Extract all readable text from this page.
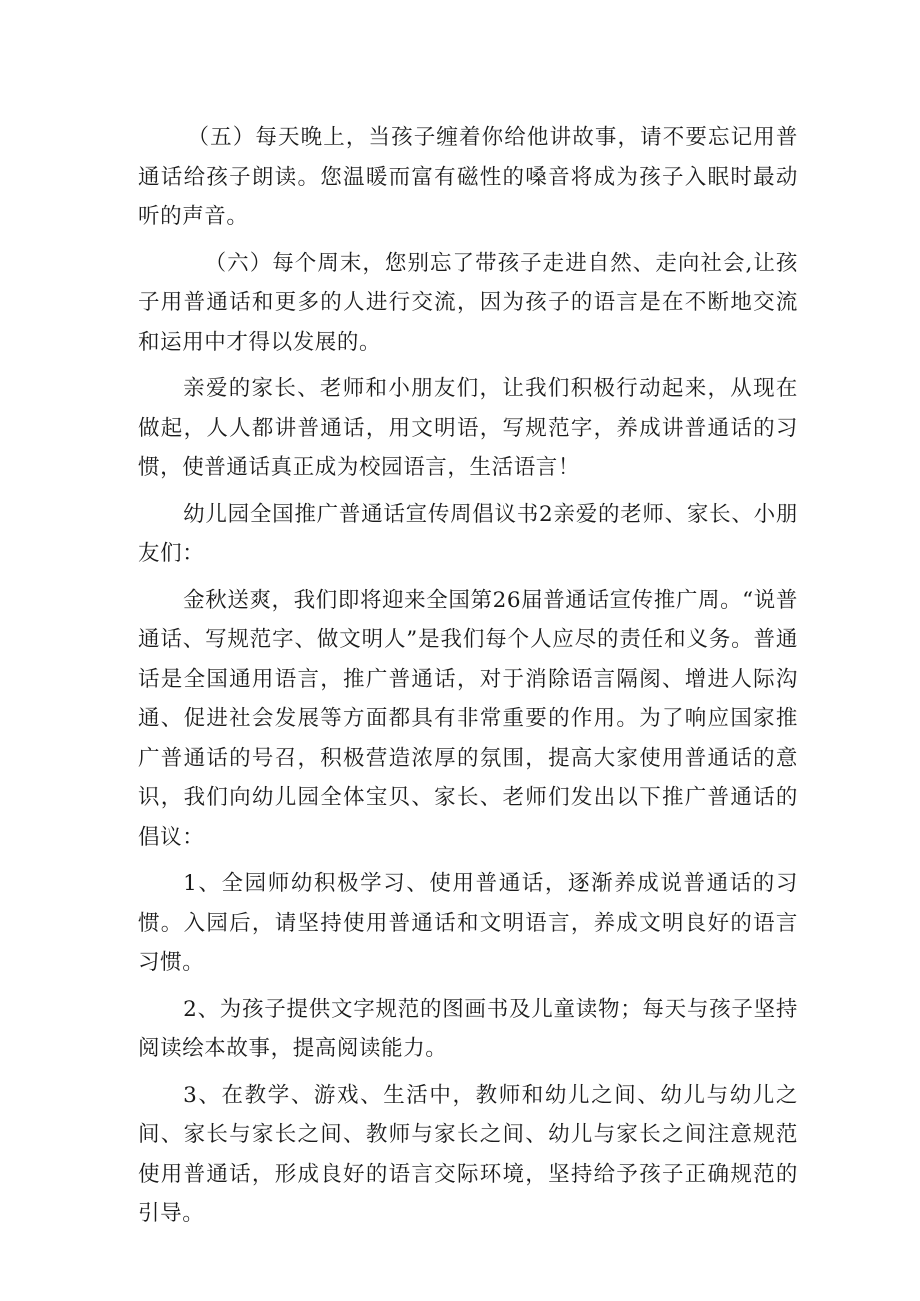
（五）每天晚上，当孩子缠着你给他讲故事，请不要忘记用普通话给孩子朗读。您温暖而富有磁性的嗓音将成为孩子入眠时最动听的声音。

（六）每个周末，您别忘了带孩子走进自然、走向社会,让孩子用普通话和更多的人进行交流，因为孩子的语言是在不断地交流和运用中才得以发展的。

亲爱的家长、老师和小朋友们，让我们积极行动起来，从现在做起，人人都讲普通话，用文明语，写规范字，养成讲普通话的习惯，使普通话真正成为校园语言，生活语言！

幼儿园全国推广普通话宣传周倡议书2亲爱的老师、家长、小朋友们：

金秋送爽，我们即将迎来全国第26届普通话宣传推广周。“说普通话、写规范字、做文明人”是我们每个人应尽的责任和义务。普通话是全国通用语言，推广普通话，对于消除语言隔阂、增进人际沟通、促进社会发展等方面都具有非常重要的作用。为了响应国家推广普通话的号召，积极营造浓厚的氛围，提高大家使用普通话的意识，我们向幼儿园全体宝贝、家长、老师们发出以下推广普通话的倡议：

1、全园师幼积极学习、使用普通话，逐渐养成说普通话的习惯。入园后，请坚持使用普通话和文明语言，养成文明良好的语言习惯。

2、为孩子提供文字规范的图画书及儿童读物；每天与孩子坚持阅读绘本故事，提高阅读能力。

3、在教学、游戏、生活中，教师和幼儿之间、幼儿与幼儿之间、家长与家长之间、教师与家长之间、幼儿与家长之间注意规范使用普通话，形成良好的语言交际环境，坚持给予孩子正确规范的引导。
